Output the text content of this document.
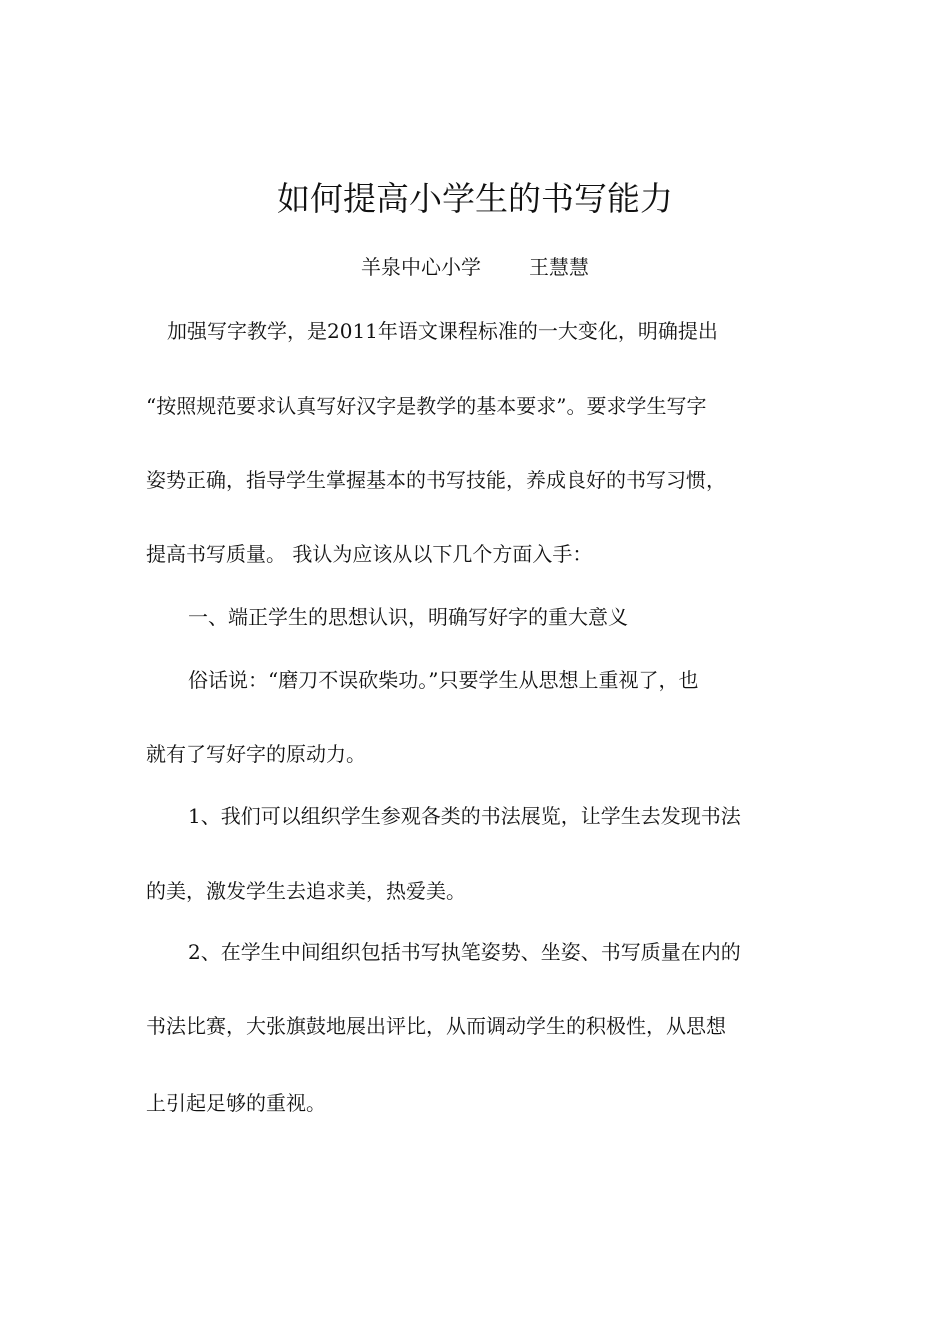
如何提高小学生的书写能力
羊泉中心小学 王慧慧
加强写字教学，是2011年语文课程标准的一大变化，明确提出
“按照规范要求认真写好汉字是教学的基本要求”。要求学生写字
姿势正确，指导学生掌握基本的书写技能，养成良好的书写习惯，
提高书写质量。 我认为应该从以下几个方面入手：
一、端正学生的思想认识，明确写好字的重大意义
俗话说：“磨刀不误砍柴功。”只要学生从思想上重视了，也
就有了写好字的原动力。
1、我们可以组织学生参观各类的书法展览，让学生去发现书法
的美，激发学生去追求美，热爱美。
2、在学生中间组织包括书写执笔姿势、坐姿、书写质量在内的
书法比赛，大张旗鼓地展出评比，从而调动学生的积极性，从思想
上引起足够的重视。
